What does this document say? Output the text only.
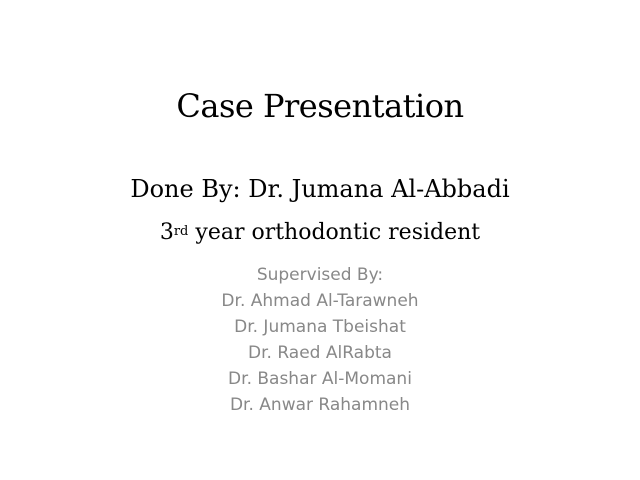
Case Presentation
Done By: Dr. Jumana Al-Abbadi
3rd year orthodontic resident
Supervised By:
Dr. Ahmad Al-Tarawneh
Dr. Jumana Tbeishat
Dr. Raed AlRabta
Dr. Bashar Al-Momani
Dr. Anwar Rahamneh
